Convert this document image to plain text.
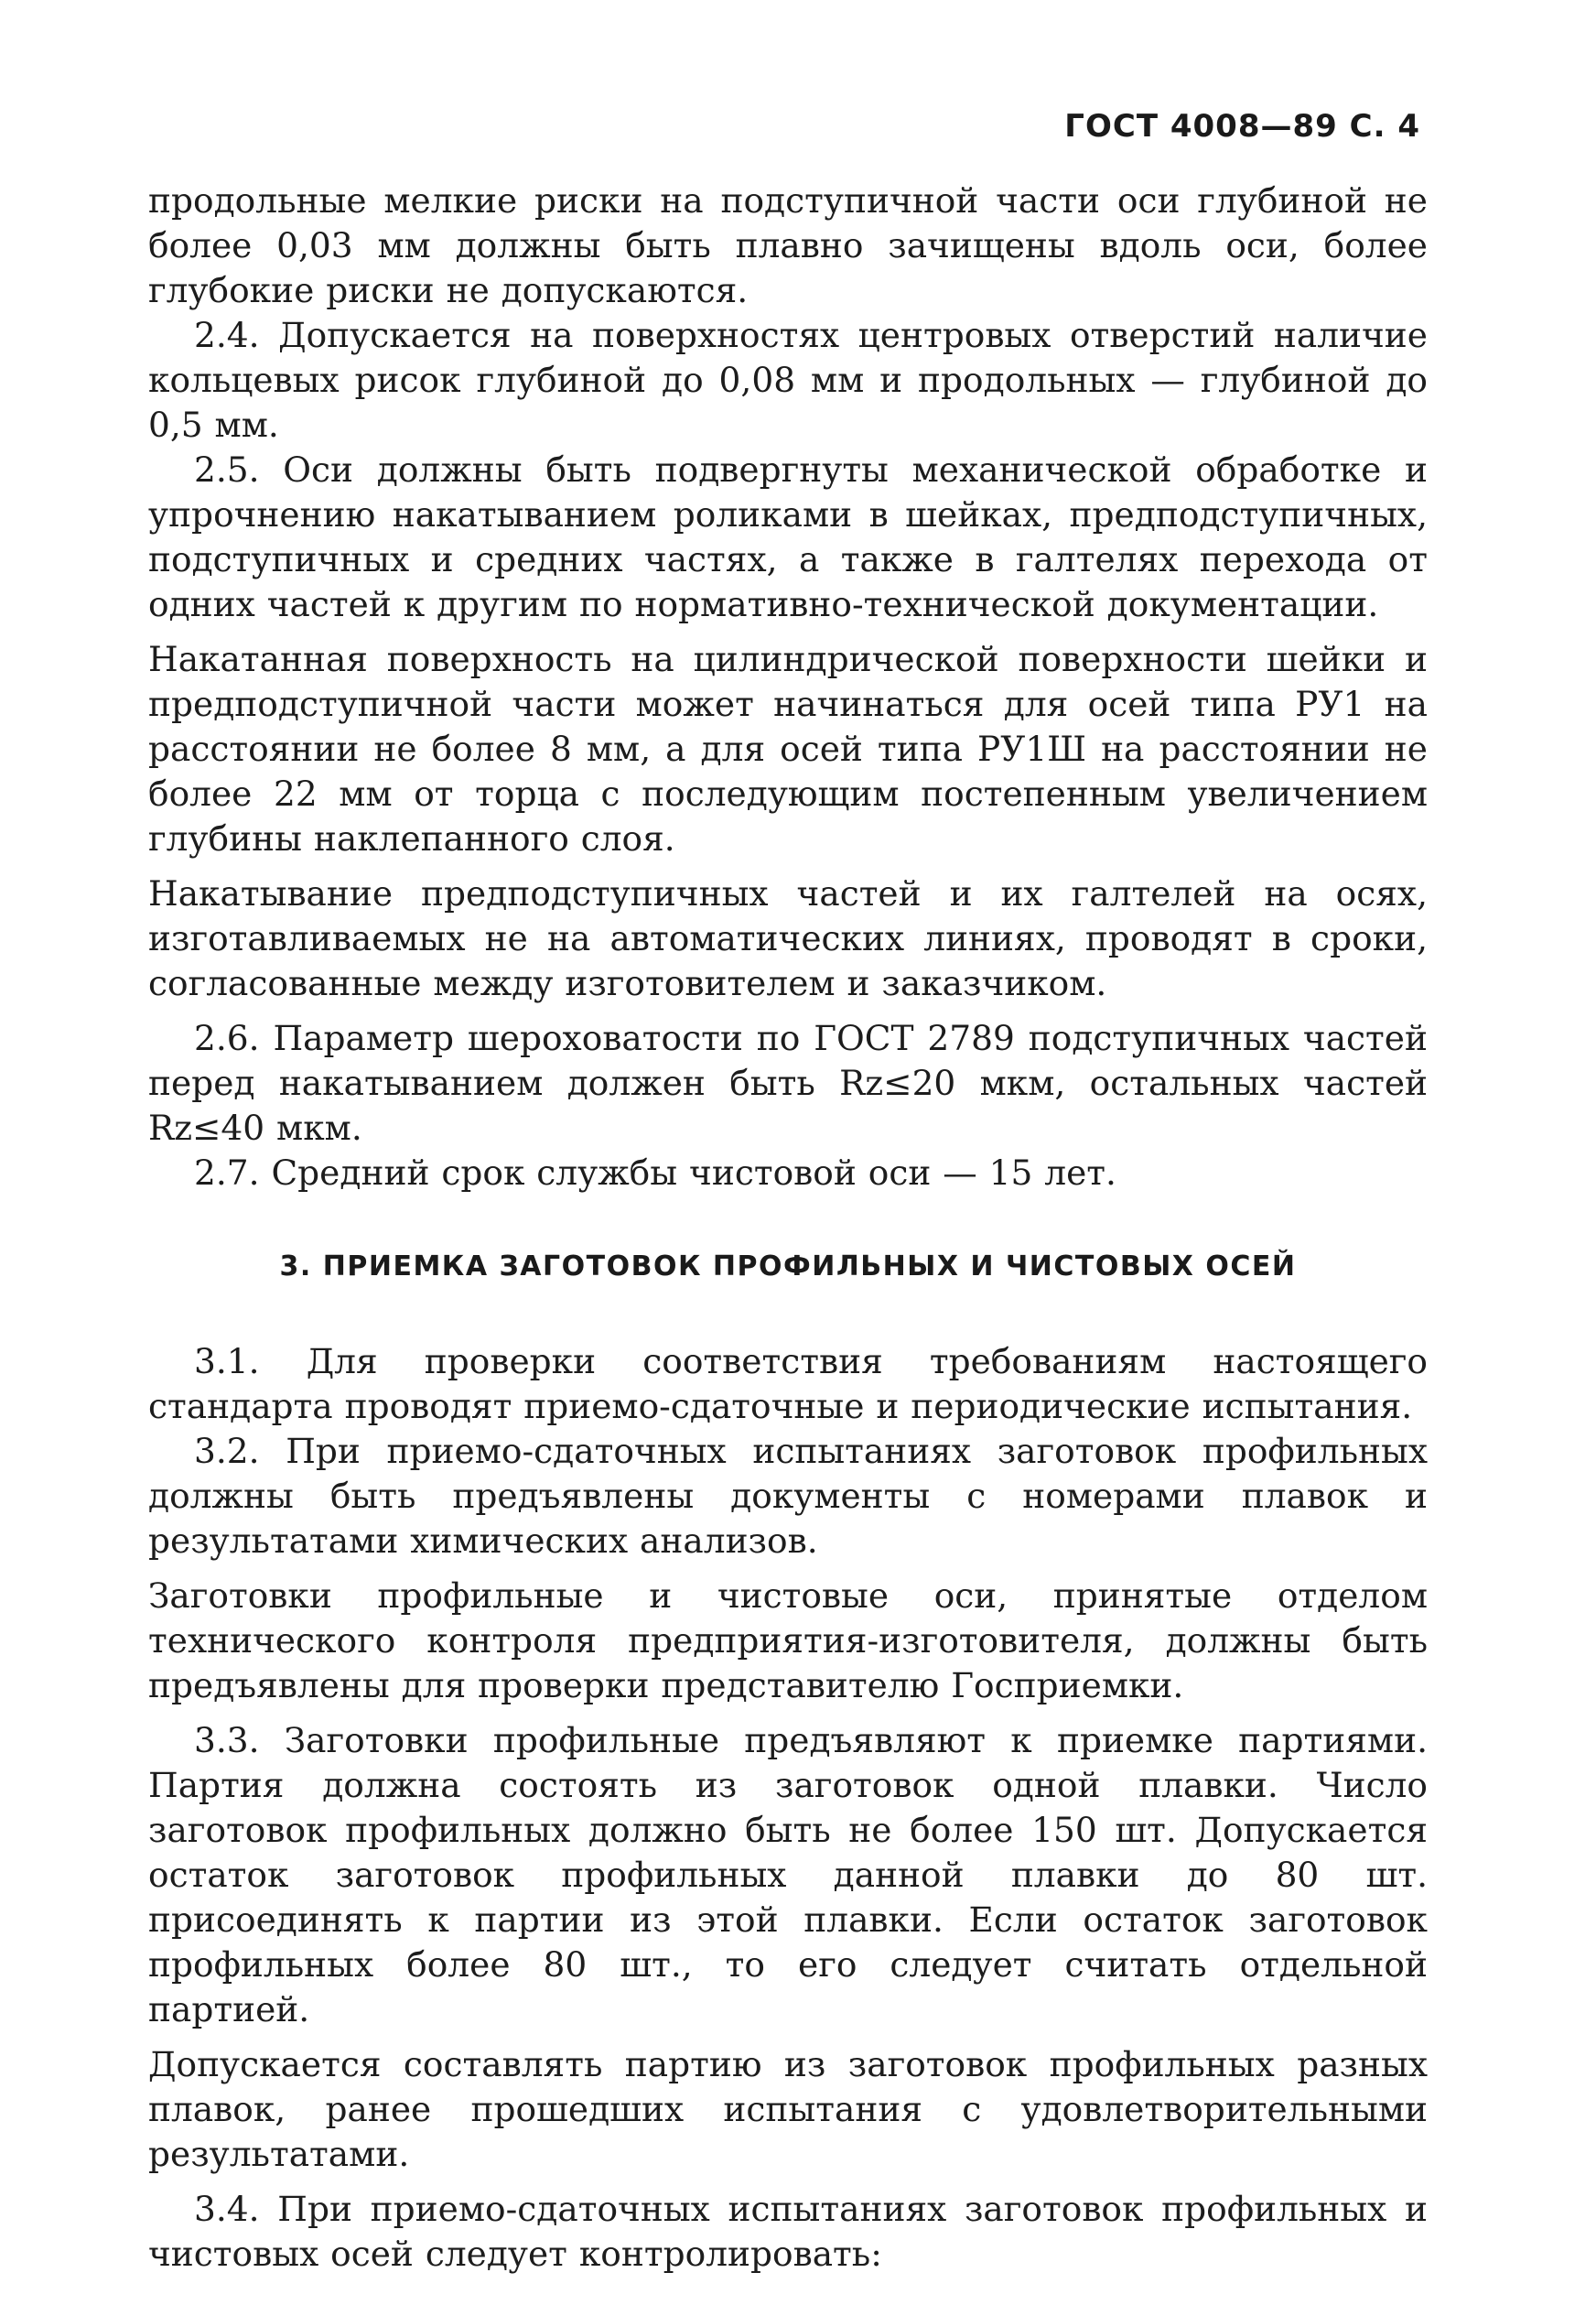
ГОСТ 4008—89 С. 4

продольные мелкие риски на подступичной части оси глубиной не более 0,03 мм должны быть плавно зачищены вдоль оси, более глубокие риски не допускаются.

2.4. Допускается на поверхностях центровых отверстий наличие кольцевых рисок глубиной до 0,08 мм и продольных — глубиной до 0,5 мм.

2.5. Оси должны быть подвергнуты механической обработке и упрочнению накатыванием роликами в шейках, предподступичных, подступичных и средних частях, а также в галтелях перехода от одних частей к другим по нормативно-технической документации.

Накатанная поверхность на цилиндрической поверхности шейки и предподступичной части может начинаться для осей типа РУ1 на расстоянии не более 8 мм, а для осей типа РУ1Ш на расстоянии не более 22 мм от торца с последующим постепенным увеличением глубины наклепанного слоя.

Накатывание предподступичных частей и их галтелей на осях, изготавливаемых не на автоматических линиях, проводят в сроки, согласованные между изготовителем и заказчиком.

2.6. Параметр шероховатости по ГОСТ 2789 подступичных частей перед накатыванием должен быть Rz≤20 мкм, остальных частей Rz≤40 мкм.

2.7. Средний срок службы чистовой оси — 15 лет.

3. ПРИЕМКА ЗАГОТОВОК ПРОФИЛЬНЫХ И ЧИСТОВЫХ ОСЕЙ

3.1. Для проверки соответствия требованиям настоящего стандарта проводят приемо-сдаточные и периодические испытания.

3.2. При приемо-сдаточных испытаниях заготовок профильных должны быть предъявлены документы с номерами плавок и результатами химических анализов.

Заготовки профильные и чистовые оси, принятые отделом технического контроля предприятия-изготовителя, должны быть предъявлены для проверки представителю Госприемки.

3.3. Заготовки профильные предъявляют к приемке партиями. Партия должна состоять из заготовок одной плавки. Число заготовок профильных должно быть не более 150 шт. Допускается остаток заготовок профильных данной плавки до 80 шт. присоединять к партии из этой плавки. Если остаток заготовок профильных более 80 шт., то его следует считать отдельной партией.

Допускается составлять партию из заготовок профильных разных плавок, ранее прошедших испытания с удовлетворительными результатами.

3.4. При приемо-сдаточных испытаниях заготовок профильных и чистовых осей следует контролировать:
